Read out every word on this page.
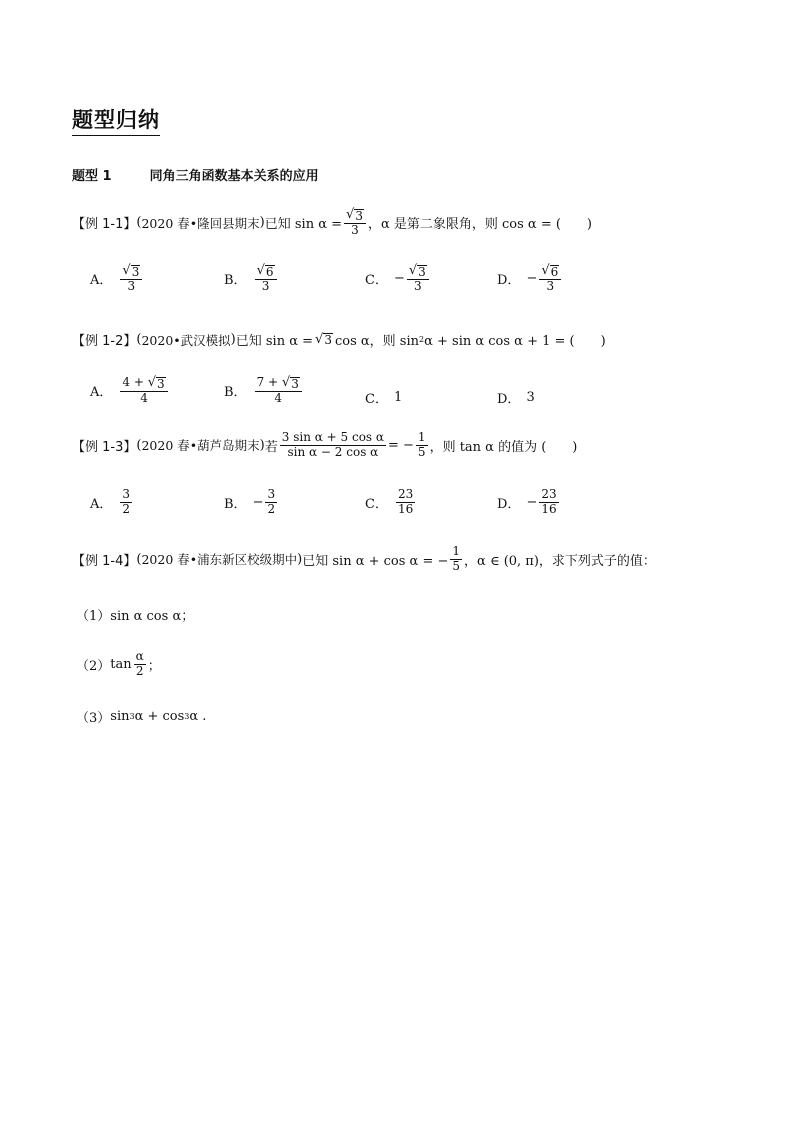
题型归纳
题型 1	同角三角函数基本关系的应用
【 例 1-1 】 ( 2020 春•隆回县期末 ) 已知 $\sin \alpha = \frac{√ 3}{3}$ ，α 是第二象限角，则 cos α = (　　)
A． $\frac{√ 3}{3}$	B． $\frac{√ 6}{3}$	C． − $\frac{√ 3}{3}$	D． − $\frac{√ 6}{3}$
【 例 1-2 】 ( 2020•武汉模拟 ) 已知 sin α = √ 3 cos α，则 sin 2 α + sin α cos α + 1 = (　　)
A． $\frac{4 + √ 3}{4}$	B． $\frac{7 + √ 3}{4}$	C． 1	D． 3
【 例 1-3 】 ( 2020 春•葫芦岛期末 ) 若 $\frac{\text{3 sin α + 5 cos α}}{\text{sin α − 2 cos α}}$ = − $\frac{1}{5}$ ，则 tan α 的值为 (　　)
A． $\frac{3}{2}$	B． − $\frac{3}{2}$	C． $\frac{23}{16}$	D． − $\frac{23}{16}$
【 例 1-4 】 ( 2020 春•浦东新区校级期中 ) 已知 sin α + cos α = − $\frac{1}{5}$ ，α ∈ (0, π)，求下列式子的值：
（1） sin α cos α；
（2） $\tan \frac{\alpha}{2}$ ；
（3） sin 3 α + cos 3 α .
